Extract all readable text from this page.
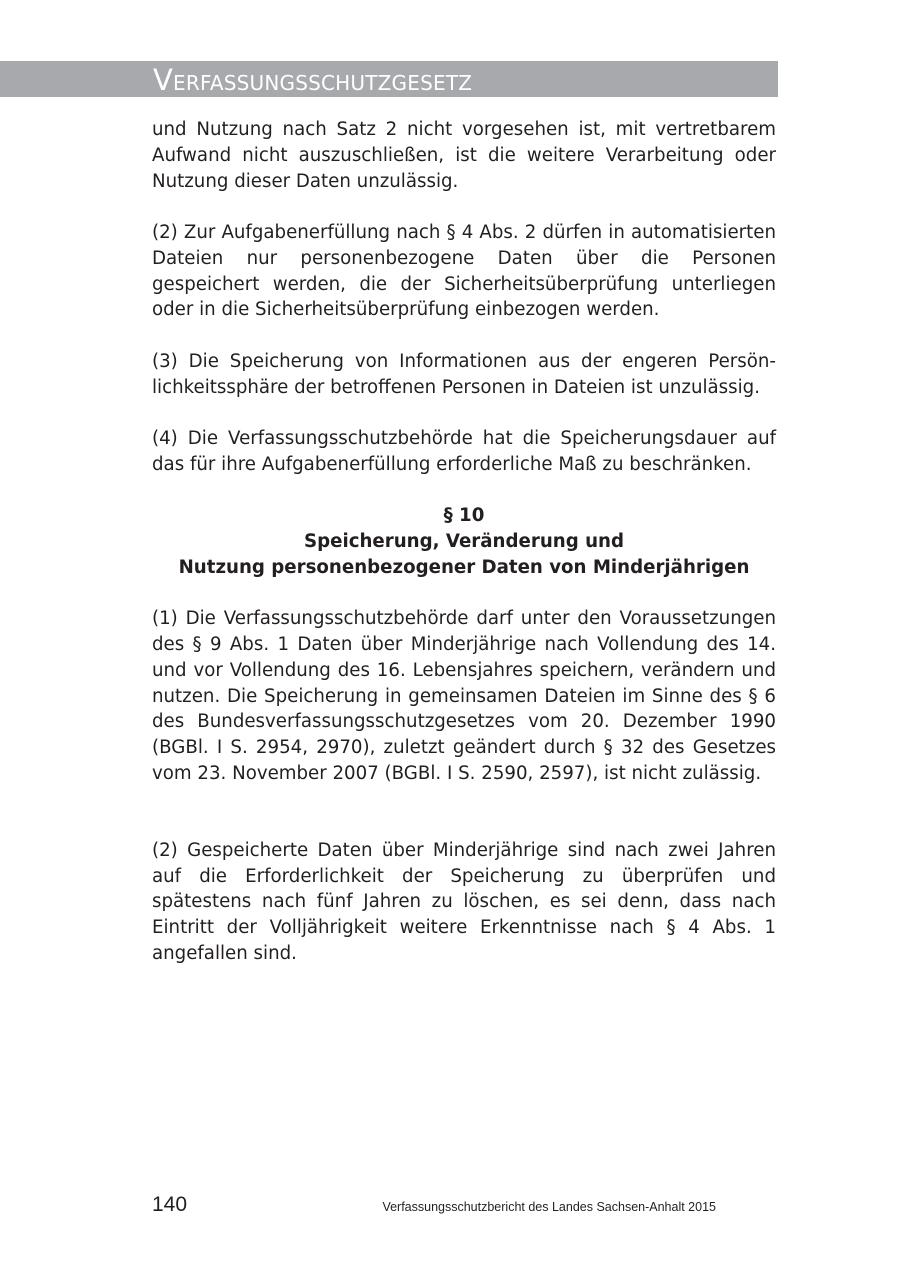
Verfassungsschutzgesetz

und Nutzung nach Satz 2 nicht vorgesehen ist, mit vertretbarem Aufwand nicht auszuschließen, ist die weitere Verarbeitung oder Nutzung dieser Daten unzulässig.

(2) Zur Aufgabenerfüllung nach § 4 Abs. 2 dürfen in automatisierten Dateien nur personenbezogene Daten über die Personen gespeichert werden, die der Sicherheitsüberprüfung unterliegen oder in die Sicherheitsüberprüfung einbezogen werden.

(3) Die Speicherung von Informationen aus der engeren Persönlichkeitssphäre der betroffenen Personen in Dateien ist unzulässig.

(4) Die Verfassungsschutzbehörde hat die Speicherungsdauer auf das für ihre Aufgabenerfüllung erforderliche Maß zu beschränken.

§ 10
Speicherung, Veränderung und
Nutzung personenbezogener Daten von Minderjährigen

(1) Die Verfassungsschutzbehörde darf unter den Voraussetzungen des § 9 Abs. 1 Daten über Minderjährige nach Vollendung des 14. und vor Vollendung des 16. Lebensjahres speichern, verändern und nutzen. Die Speicherung in gemeinsamen Dateien im Sinne des § 6 des Bundesverfassungsschutzgesetzes vom 20. Dezember 1990 (BGBl. I S. 2954, 2970), zuletzt geändert durch § 32 des Gesetzes vom 23. November 2007 (BGBl. I S. 2590, 2597), ist nicht zulässig.

(2) Gespeicherte Daten über Minderjährige sind nach zwei Jahren auf die Erforderlichkeit der Speicherung zu überprüfen und spätestens nach fünf Jahren zu löschen, es sei denn, dass nach Eintritt der Volljährigkeit weitere Erkenntnisse nach § 4 Abs. 1 angefallen sind.

140	Verfassungsschutzbericht des Landes Sachsen-Anhalt 2015
